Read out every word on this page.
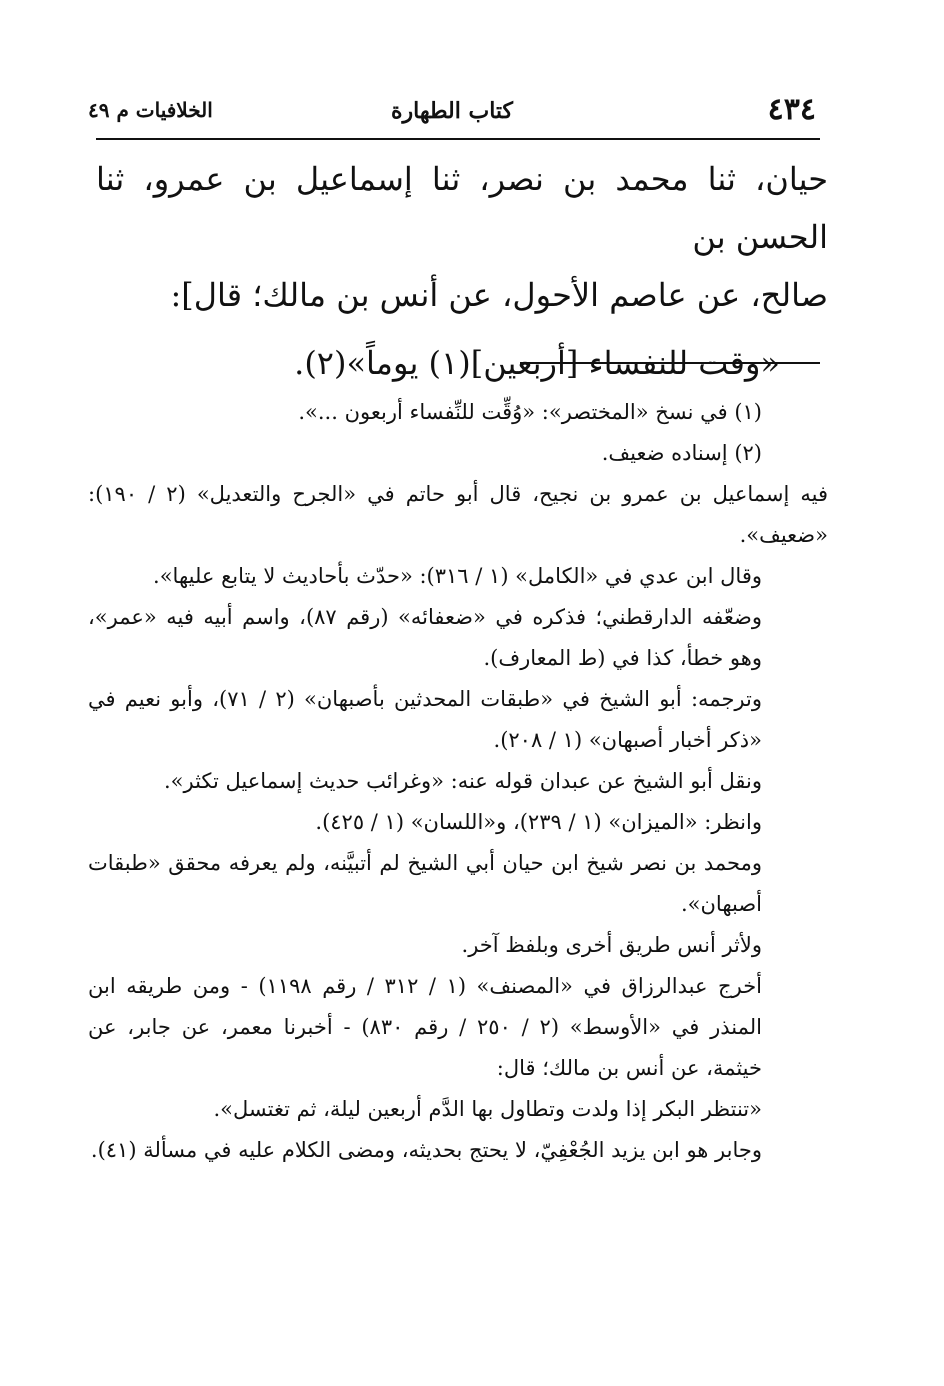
٤٣٤
كتاب الطهارة
الخلافيات م ٤٩

حيان، ثنا محمد بن نصر، ثنا إسماعيل بن عمرو، ثنا الحسن بن

صالح، عن عاصم الأحول، عن أنس بن مالك؛ قال]:

«وقت للنفساء [أربعين](١) يوماً»(٢).

(١) في نسخ «المختصر»: «وُقِّت للنِّفساء أربعون ...».

(٢) إسناده ضعيف.

فيه إسماعيل بن عمرو بن نجيح، قال أبو حاتم في «الجرح والتعديل» (٢ / ١٩٠): «ضعيف».

وقال ابن عدي في «الكامل» (١ / ٣١٦): «حدّث بأحاديث لا يتابع عليها».

وضعّفه الدارقطني؛ فذكره في «ضعفائه» (رقم ٨٧)، واسم أبيه فيه «عمر»، وهو خطأ، كذا في (ط المعارف).

وترجمه: أبو الشيخ في «طبقات المحدثين بأصبهان» (٢ / ٧١)، وأبو نعيم في «ذكر أخبار أصبهان» (١ / ٢٠٨).

ونقل أبو الشيخ عن عبدان قوله عنه: «وغرائب حديث إسماعيل تكثر».

وانظر: «الميزان» (١ / ٢٣٩)، و«اللسان» (١ / ٤٢٥).

ومحمد بن نصر شيخ ابن حيان أبي الشيخ لم أتبيَّنه، ولم يعرفه محقق «طبقات أصبهان».

ولأثر أنس طريق أخرى وبلفظ آخر.

أخرج عبدالرزاق في «المصنف» (١ / ٣١٢ / رقم ١١٩٨) - ومن طريقه ابن المنذر في «الأوسط» (٢ / ٢٥٠ / رقم ٨٣٠) - أخبرنا معمر، عن جابر، عن خيثمة، عن أنس بن مالك؛ قال:

«تنتظر البكر إذا ولدت وتطاول بها الدَّم أربعين ليلة، ثم تغتسل».

وجابر هو ابن يزيد الجُعْفِيّ، لا يحتج بحديثه، ومضى الكلام عليه في مسألة (٤١).
